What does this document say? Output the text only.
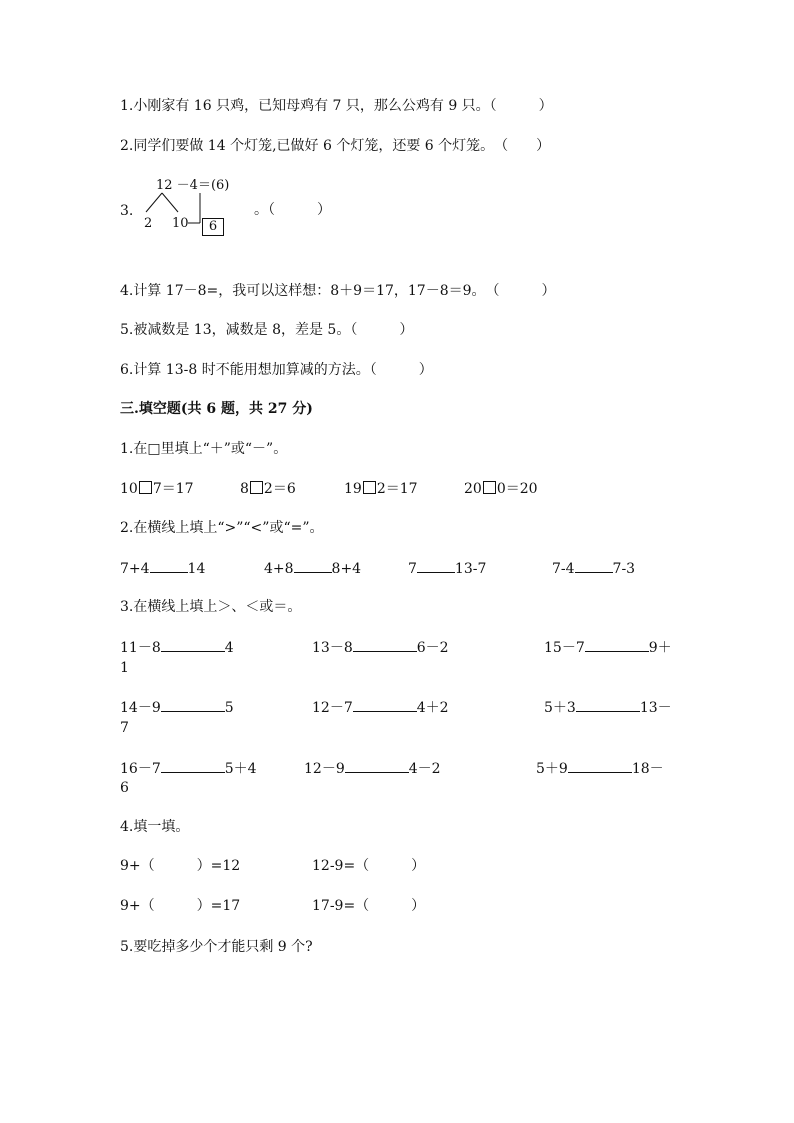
1.小刚家有 16 只鸡，已知母鸡有 7 只，那么公鸡有 9 只。（　　　）
2.同学们要做 14 个灯笼,已做好 6 个灯笼，还要 6 个灯笼。　（　　）
3.
12 －4＝(6)
2 10	6
。（　　　）
4.计算 17－8=，我可以这样想：8＋9＝17，17－8＝9。　（　　　）
5.被减数是 13，减数是 8，差是 5。（　　　）
6.计算 13-8 时不能用想加算减的方法。（　　　）
三.填空题(共 6 题，共 27 分)
1.在□里填上“＋”或“－”。
10 7＝17	8 2＝6	19 2＝17	20 0＝20
2.在横线上填上“>”“<”或“=”。
7+4	14	4+8	8+4	7	13-7	7-4	7-3
3.在横线上填上＞、＜或＝。
11－8	4	13－8	6－2	15－7	9＋
1
14－9	5	12－7	4＋2	5＋3	13－
7
16－7	5＋4	12－9	4－2	5＋9	18－
6
4.填一填。
9+（　　　）=12	12-9=（　　　）
9+（　　　）=17	17-9=（　　　）
5.要吃掉多少个才能只剩 9 个?
